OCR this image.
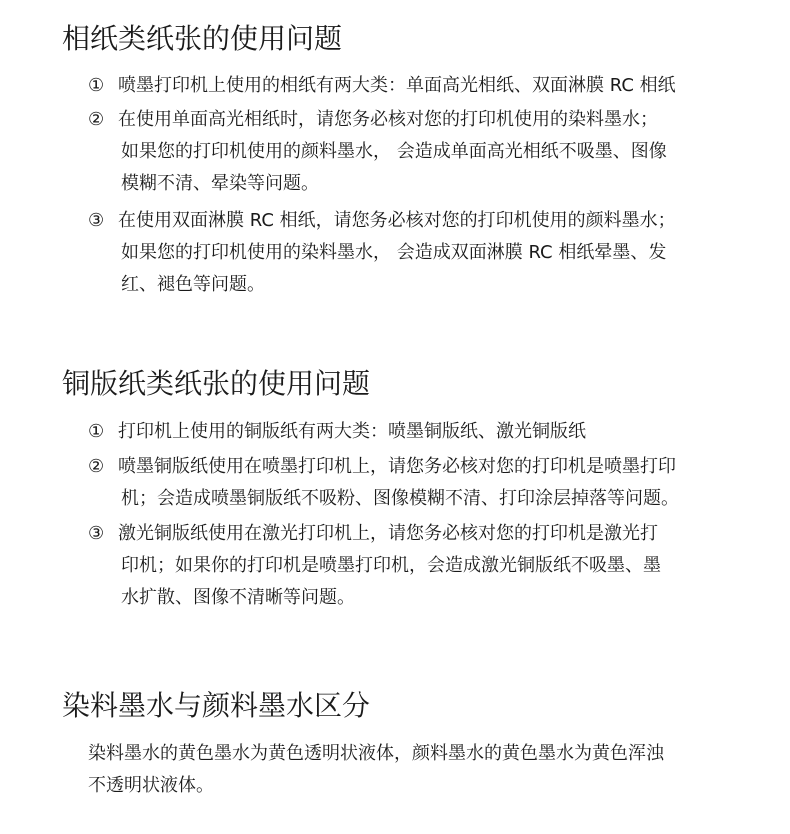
相纸类纸张的使用问题
① 喷墨打印机上使用的相纸有两大类：单面高光相纸、双面淋膜 RC 相纸
② 在使用单面高光相纸时，请您务必核对您的打印机使用的染料墨水；
如果您的打印机使用的颜料墨水， 会造成单面高光相纸不吸墨、图像
模糊不清、晕染等问题。
③ 在使用双面淋膜 RC 相纸，请您务必核对您的打印机使用的颜料墨水；
如果您的打印机使用的染料墨水， 会造成双面淋膜 RC 相纸晕墨、发
红、褪色等问题。
铜版纸类纸张的使用问题
① 打印机上使用的铜版纸有两大类：喷墨铜版纸、激光铜版纸
② 喷墨铜版纸使用在喷墨打印机上，请您务必核对您的打印机是喷墨打印
机；会造成喷墨铜版纸不吸粉、图像模糊不清、打印涂层掉落等问题。
③ 激光铜版纸使用在激光打印机上，请您务必核对您的打印机是激光打
印机；如果你的打印机是喷墨打印机，会造成激光铜版纸不吸墨、墨
水扩散、图像不清晰等问题。
染料墨水与颜料墨水区分
染料墨水的黄色墨水为黄色透明状液体，颜料墨水的黄色墨水为黄色浑浊
不透明状液体。
